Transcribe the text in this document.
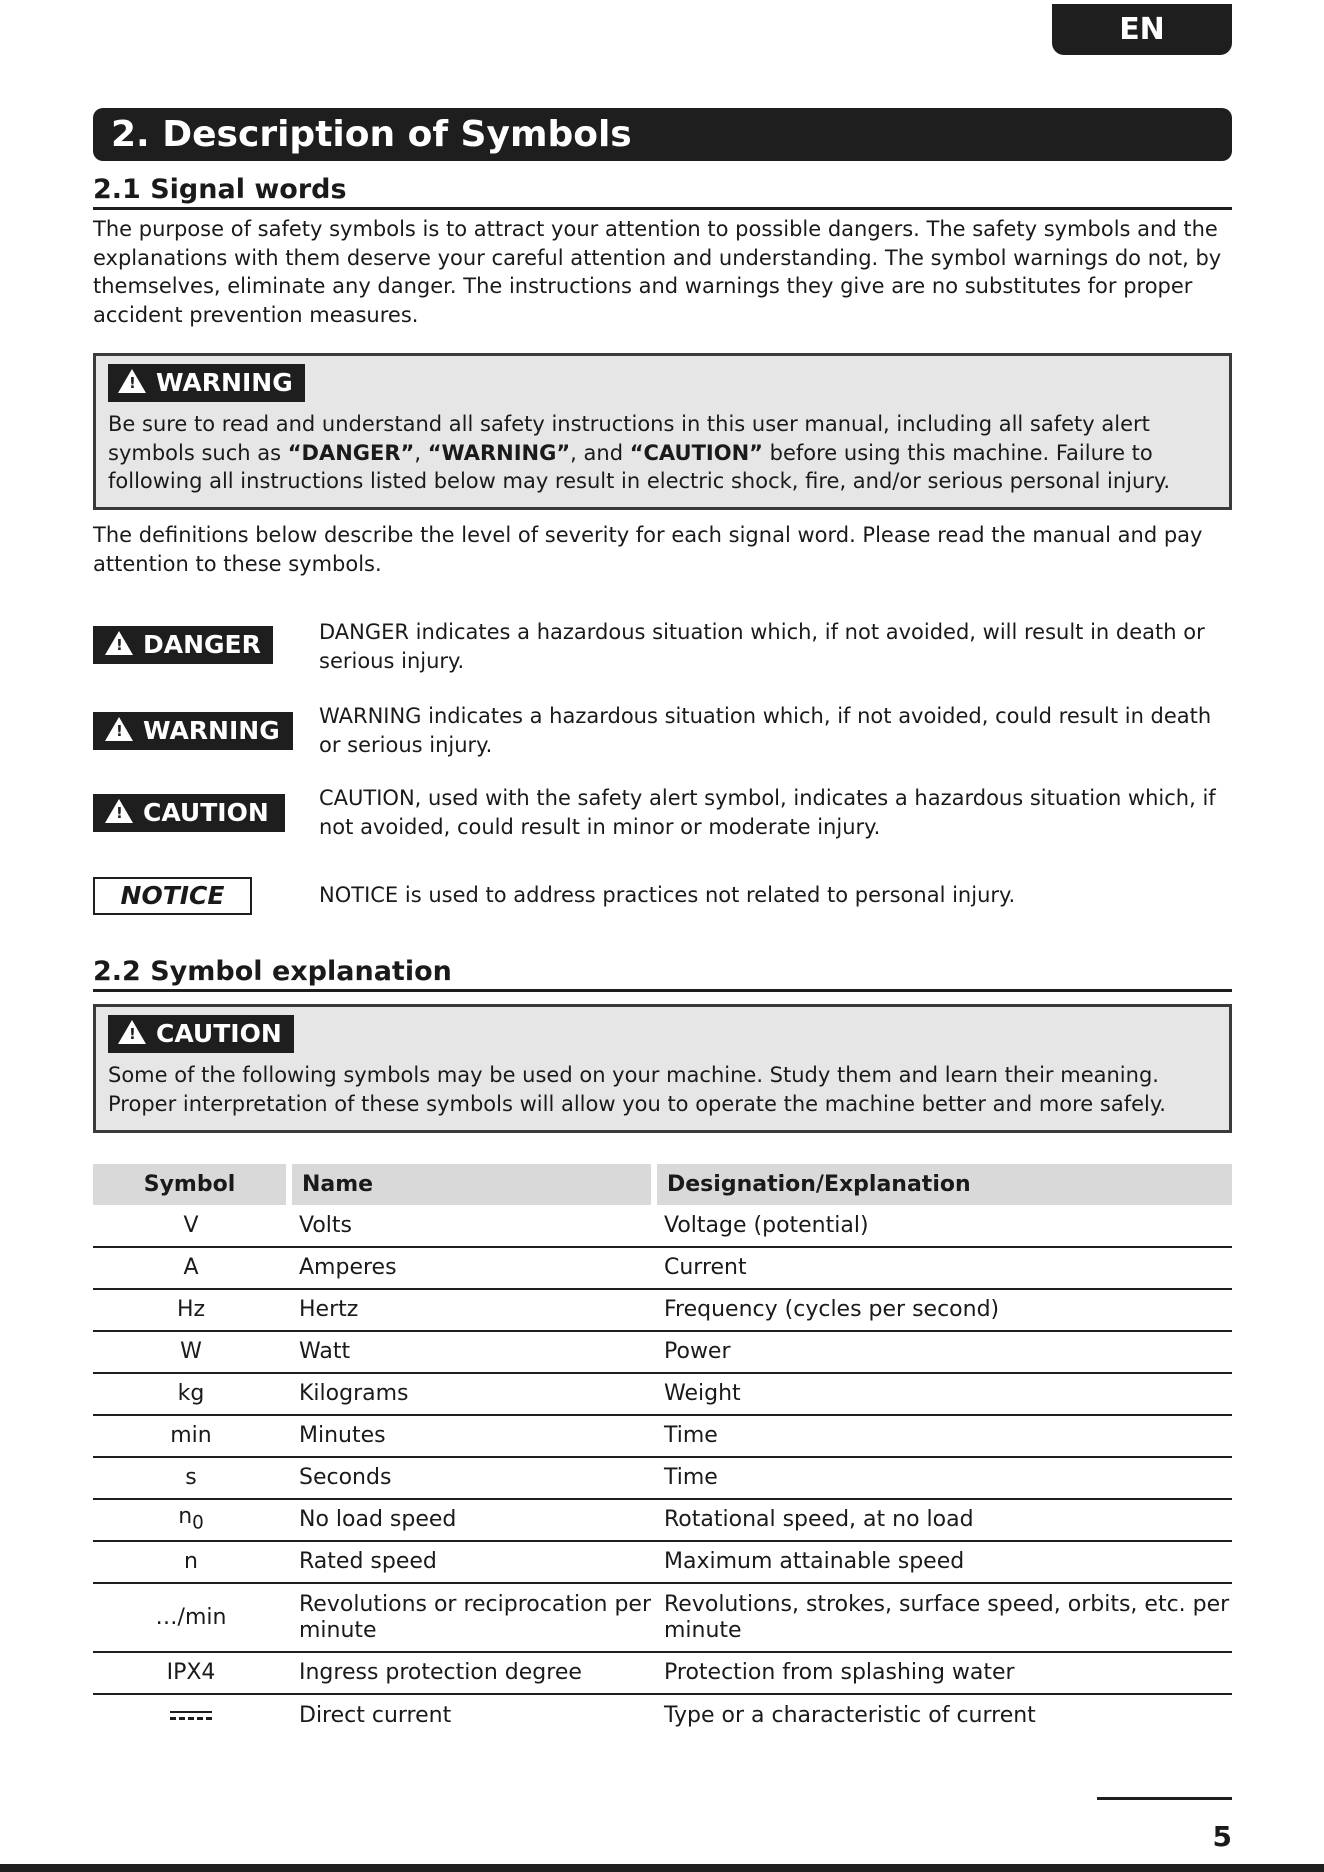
EN
2. Description of Symbols
2.1 Signal words

The purpose of safety symbols is to attract your attention to possible dangers. The safety symbols and the explanations with them deserve your careful attention and understanding. The symbol warnings do not, by themselves, eliminate any danger. The instructions and warnings they give are no substitutes for proper accident prevention measures.

! WARNING

Be sure to read and understand all safety instructions in this user manual, including all safety alert symbols such as “DANGER”, “WARNING”, and “CAUTION” before using this machine. Failure to following all instructions listed below may result in electric shock, fire, and/or serious personal injury.

The definitions below describe the level of severity for each signal word. Please read the manual and pay attention to these symbols.

! DANGER	DANGER indicates a hazardous situation which, if not avoided, will result in death or serious injury.

! WARNING	WARNING indicates a hazardous situation which, if not avoided, could result in death or serious injury.

! CAUTION	CAUTION, used with the safety alert symbol, indicates a hazardous situation which, if not avoided, could result in minor or moderate injury.

NOTICE	NOTICE is used to address practices not related to personal injury.

2.2 Symbol explanation
! CAUTION

Some of the following symbols may be used on your machine. Study them and learn their meaning. Proper interpretation of these symbols will allow you to operate the machine better and more safely.

Symbol	Name	Designation/Explanation
V	Volts	Voltage (potential)
A	Amperes	Current
Hz	Hertz	Frequency (cycles per second)
W	Watt	Power
kg	Kilograms	Weight
min	Minutes	Time
s	Seconds	Time
$n_0$	No load speed	Rotational speed, at no load
n	Rated speed	Maximum attainable speed
…/min	Revolutions or reciprocation per minute	Revolutions, strokes, surface speed, orbits, etc. per minute
IPX4	Ingress protection degree	Protection from splashing water

	Direct current	Type or a characteristic of current
5
